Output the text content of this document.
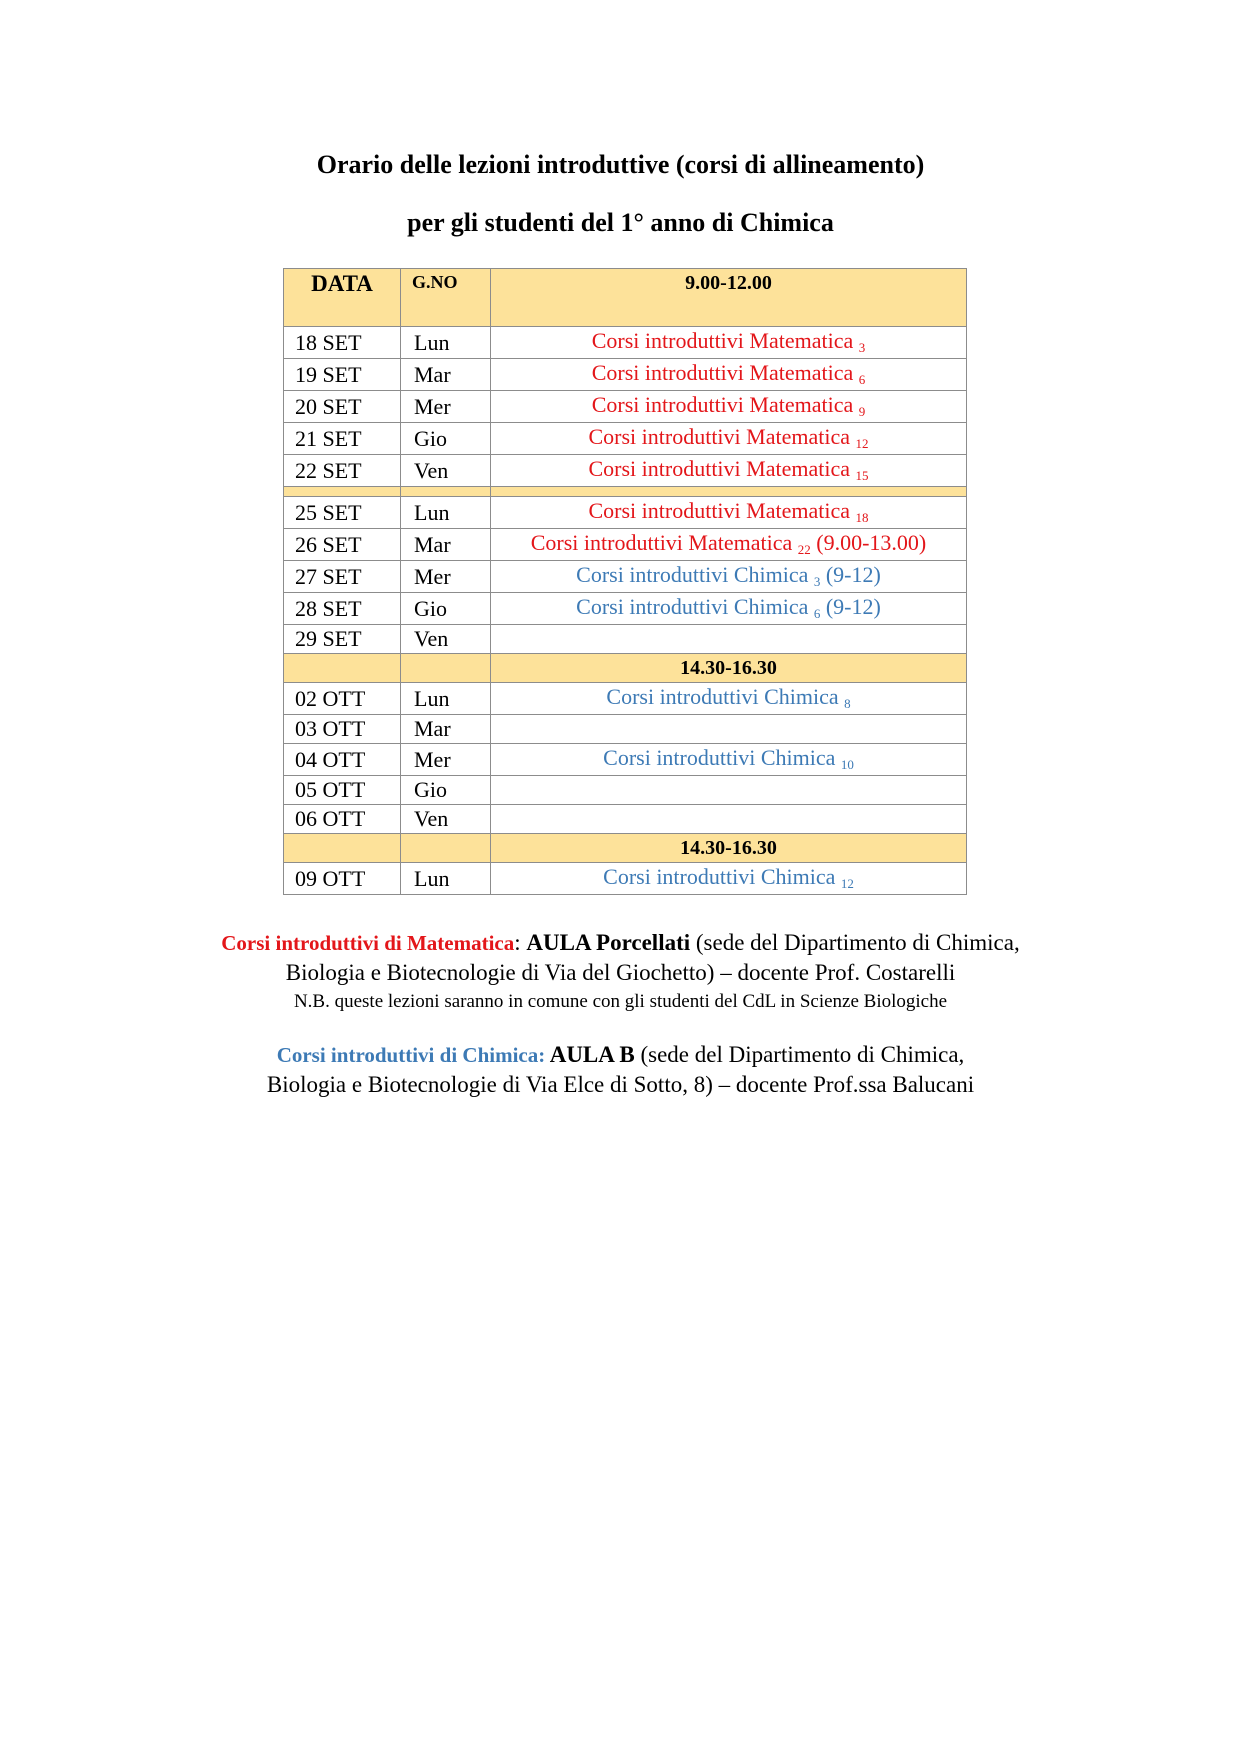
Orario delle lezioni introduttive (corsi di allineamento)
per gli studenti del 1° anno di Chimica
DATA	G.NO	9.00-12.00
18 SET	Lun	Corsi introduttivi Matematica 3
19 SET	Mar	Corsi introduttivi Matematica 6
20 SET	Mer	Corsi introduttivi Matematica 9
21 SET	Gio	Corsi introduttivi Matematica 12
22 SET	Ven	Corsi introduttivi Matematica 15

25 SET	Lun	Corsi introduttivi Matematica 18
26 SET	Mar	Corsi introduttivi Matematica 22 (9.00-13.00)
27 SET	Mer	Corsi introduttivi Chimica 3 (9-12)
28 SET	Gio	Corsi introduttivi Chimica 6 (9-12)
29 SET	Ven	
		14.30-16.30
02 OTT	Lun	Corsi introduttivi Chimica 8
03 OTT	Mar	
04 OTT	Mer	Corsi introduttivi Chimica 10
05 OTT	Gio	
06 OTT	Ven	
		14.30-16.30
09 OTT	Lun	Corsi introduttivi Chimica 12

Corsi introduttivi di Matematica: AULA Porcellati (sede del Dipartimento di Chimica,

Biologia e Biotecnologie di Via del Giochetto) – docente Prof. Costarelli

N.B. queste lezioni saranno in comune con gli studenti del CdL in Scienze Biologiche

Corsi introduttivi di Chimica: AULA B (sede del Dipartimento di Chimica,

Biologia e Biotecnologie di Via Elce di Sotto, 8) – docente Prof.ssa Balucani
